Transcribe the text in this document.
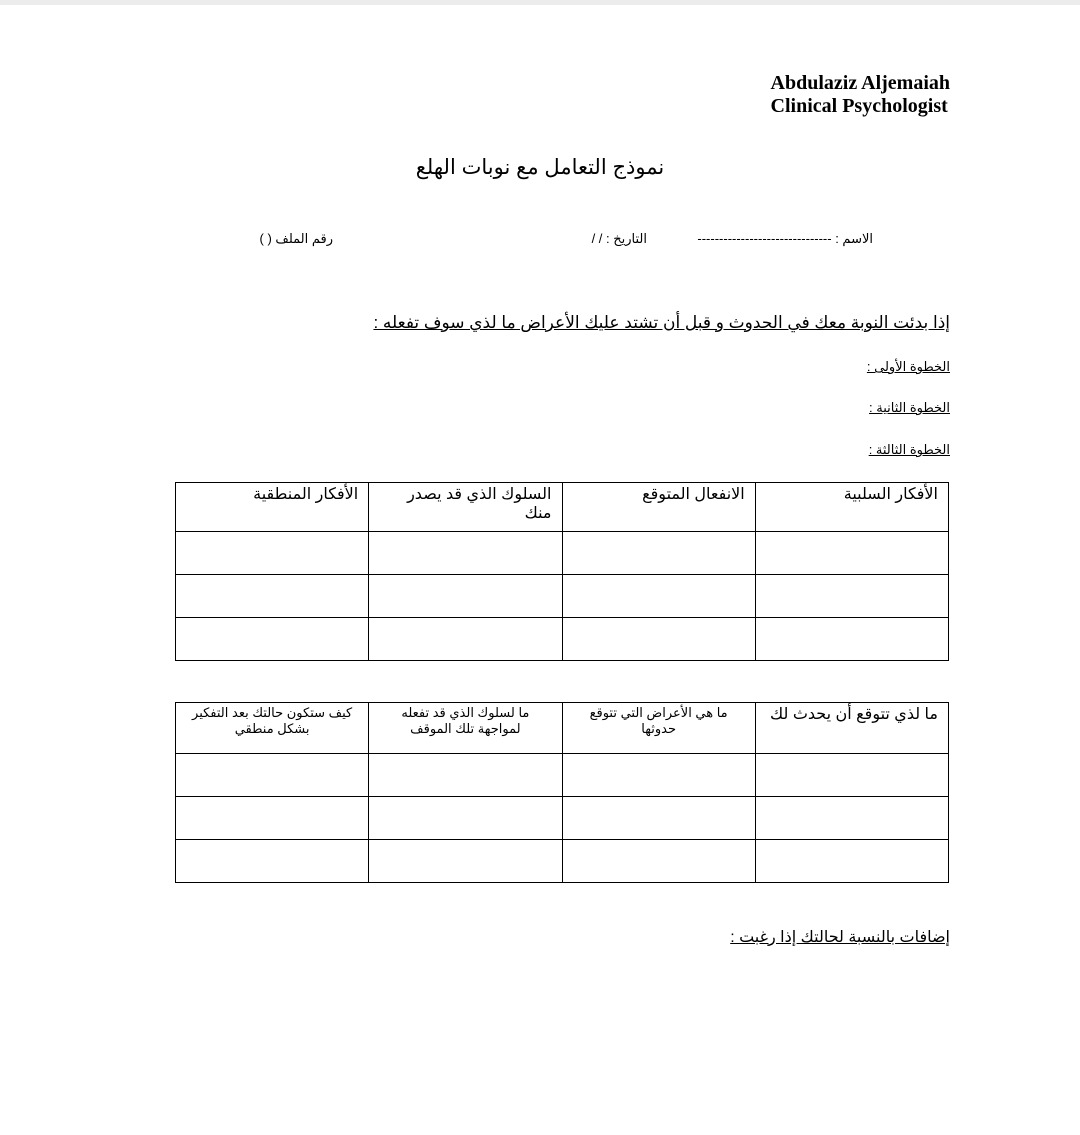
Abdulaziz Aljemaiah
Clinical Psychologist
نموذج التعامل مع نوبات الهلع
الاسم : -------------------------------
التاريخ : / /
رقم الملف ( )
إذا بدئت النوبة معك في الحدوث و قبل أن تشتد عليك الأعراض ما لذي سوف تفعله :
الخطوة الأولى :
الخطوة الثانية :
الخطوة الثالثة :
الأفكار السلبية	الانفعال المتوقع	السلوك الذي قد يصدر منك	الأفكار المنطقية

ما لذي تتوقع أن يحدث لك	ما هي الأعراض التي تتوقع حدوثها	ما لسلوك الذي قد تفعله لمواجهة تلك الموقف	كيف ستكون حالتك بعد التفكير بشكل منطقي

إضافات بالنسبة لحالتك إذا رغبت :
